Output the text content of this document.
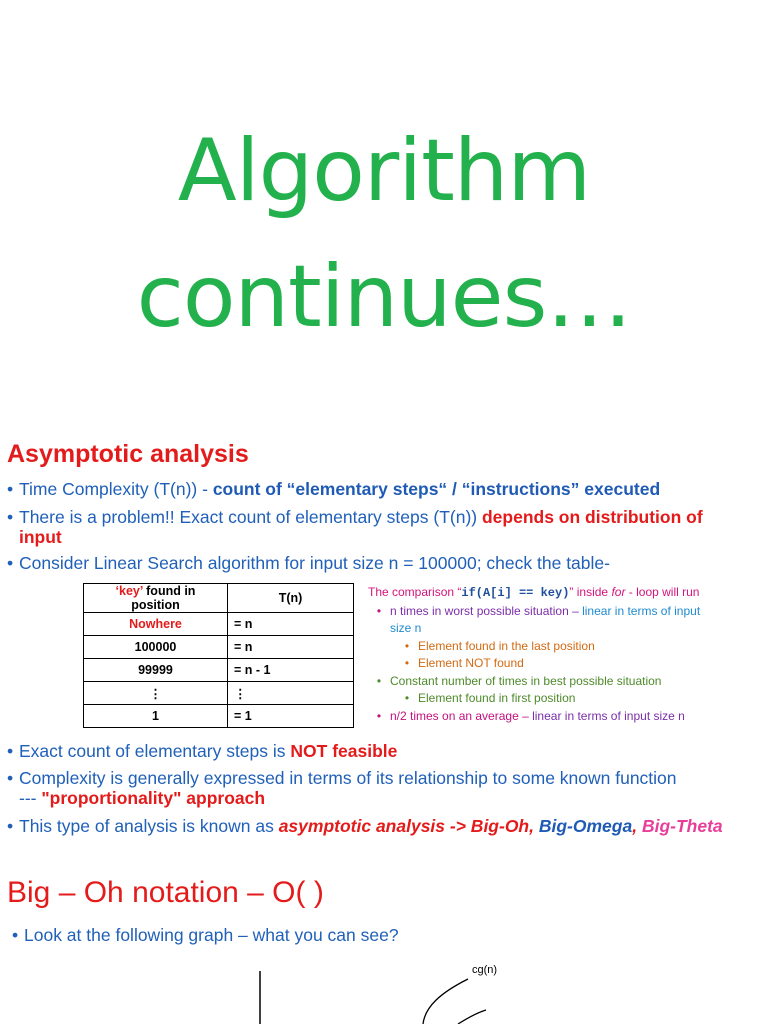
Algorithm
continues…
Asymptotic analysis
• Time Complexity (T(n)) - count of “elementary steps“ / “instructions” executed
• There is a problem!! Exact count of elementary steps (T(n)) depends on distribution of
input
• Consider Linear Search algorithm for input size n = 100000; check the table-
‘key’ found in position	T(n)
Nowhere	= n
100000	= n
99999	= n - 1
⋮	⋮
1	= 1
The comparison “if(A[i] == key)” inside for - loop will run
• n times in worst possible situation – linear in terms of input
size n
• Element found in the last position
• Element NOT found
• Constant number of times in best possible situation
• Element found in first position
• n/2 times on an average – linear in terms of input size n
• Exact count of elementary steps is NOT feasible
• Complexity is generally expressed in terms of its relationship to some known function
--- "proportionality" approach
• This type of analysis is known as asymptotic analysis -> Big-Oh, Big-Omega, Big-Theta
Big – Oh notation – O( )
• Look at the following graph – what you can see?
cg(n)
